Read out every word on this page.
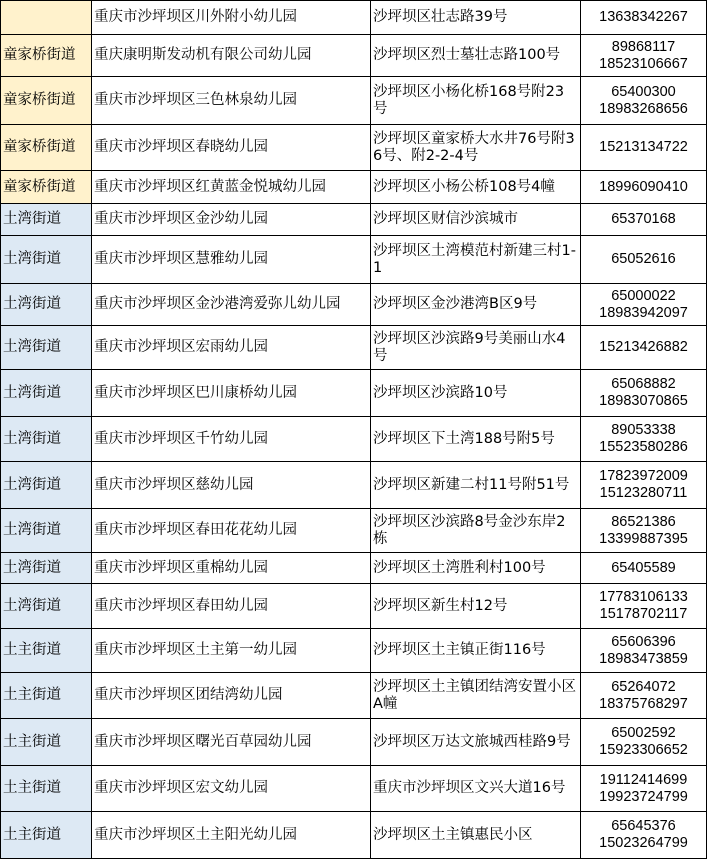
	重庆市沙坪坝区川外附小幼儿园	沙坪坝区壮志路39号	13638342267

童家桥街道	重庆康明斯发动机有限公司幼儿园	沙坪坝区烈士墓壮志路100号	89868117
18523106667

童家桥街道	重庆市沙坪坝区三色林泉幼儿园	沙坪坝区小杨化桥168号附23号	65400300
18983268656

童家桥街道	重庆市沙坪坝区春晓幼儿园	沙坪坝区童家桥大水井76号附36号、附2-2-4号	15213134722

童家桥街道	重庆市沙坪坝区红黄蓝金悦城幼儿园	沙坪坝区小杨公桥108号4幢	18996090410

土湾街道	重庆市沙坪坝区金沙幼儿园	沙坪坝区财信沙滨城市	65370168

土湾街道	重庆市沙坪坝区慧雅幼儿园	沙坪坝区土湾模范村新建三村1-1	65052616

土湾街道	重庆市沙坪坝区金沙港湾爱弥儿幼儿园	沙坪坝区金沙港湾B区9号	65000022
18983942097

土湾街道	重庆市沙坪坝区宏雨幼儿园	沙坪坝区沙滨路9号美丽山水4号	15213426882

土湾街道	重庆市沙坪坝区巴川康桥幼儿园	沙坪坝区沙滨路10号	65068882
18983070865

土湾街道	重庆市沙坪坝区千竹幼儿园	沙坪坝区下土湾188号附5号	89053338
15523580286

土湾街道	重庆市沙坪坝区慈幼儿园	沙坪坝区新建二村11号附51号	17823972009
15123280711

土湾街道	重庆市沙坪坝区春田花花幼儿园	沙坪坝区沙滨路8号金沙东岸2栋	86521386
13399887395

土湾街道	重庆市沙坪坝区重棉幼儿园	沙坪坝区土湾胜利村100号	65405589

土湾街道	重庆市沙坪坝区春田幼儿园	沙坪坝区新生村12号	17783106133
15178702117

土主街道	重庆市沙坪坝区土主第一幼儿园	沙坪坝区土主镇正街116号	65606396
18983473859

土主街道	重庆市沙坪坝区团结湾幼儿园	沙坪坝区土主镇团结湾安置小区A幢	65264072
18375768297

土主街道	重庆市沙坪坝区曙光百草园幼儿园	沙坪坝区万达文旅城西桂路9号	65002592
15923306652

土主街道	重庆市沙坪坝区宏文幼儿园	重庆市沙坪坝区文兴大道16号	19112414699
19923724799

土主街道	重庆市沙坪坝区土主阳光幼儿园	沙坪坝区土主镇惠民小区	65645376
15023264799
